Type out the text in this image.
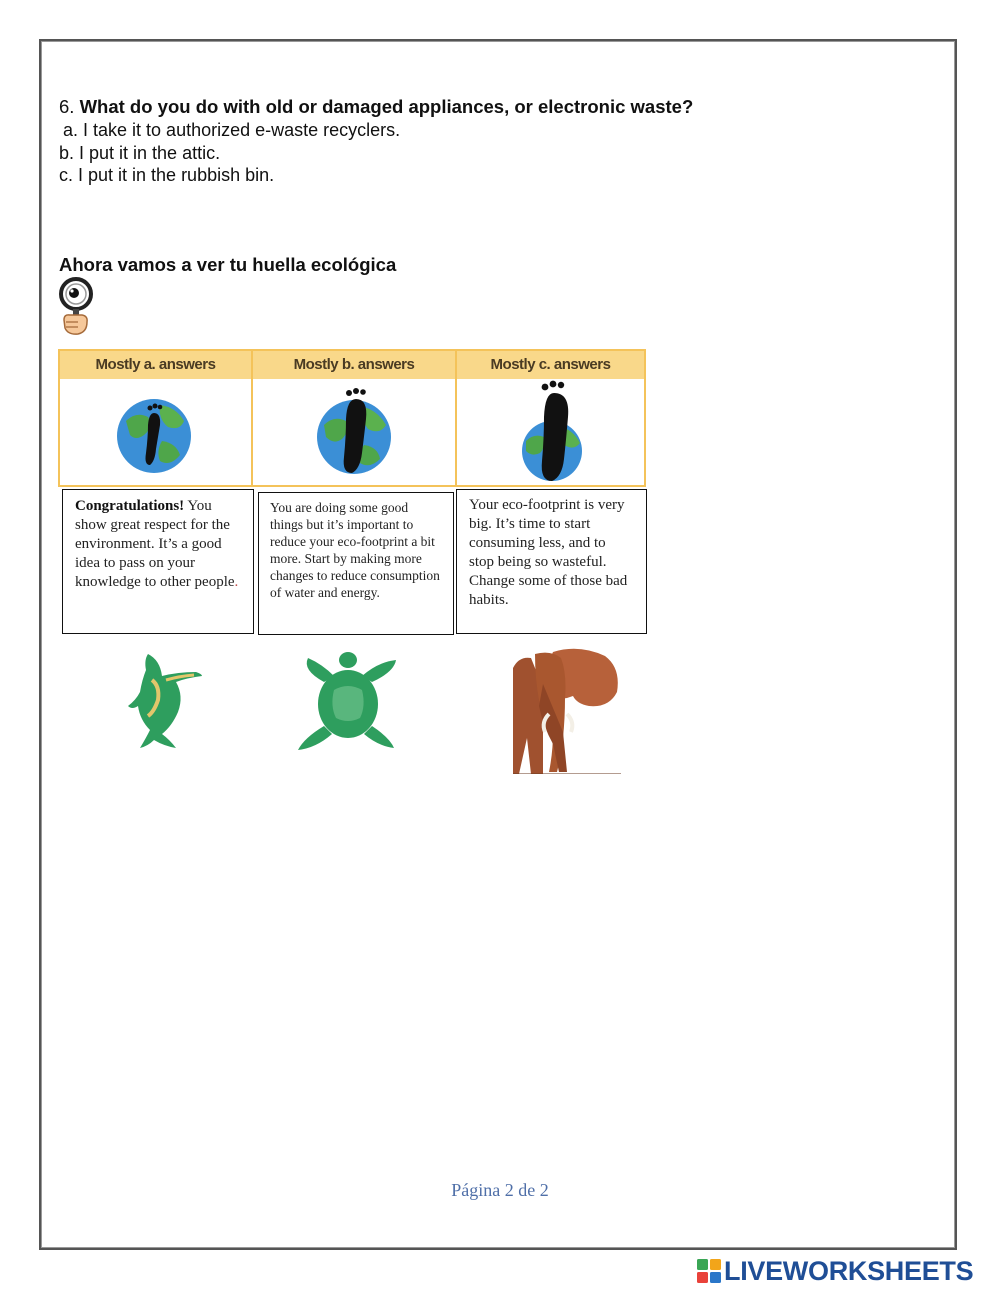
6. What do you do with old or damaged appliances, or electronic waste?
a. I take it to authorized e-waste recyclers.
b. I put it in the attic.
c. I put it in the rubbish bin.
Ahora vamos a ver tu huella ecológica
Mostly a. answers	Mostly b. answers	Mostly c. answers
Congratulations! You show great respect for the environment. It’s a good idea to pass on your knowledge to other people.
You are doing some good things but it’s important to reduce your eco-footprint a bit more. Start by making more changes to reduce consumption of water and energy.
Your eco-footprint is very big. It’s time to start consuming less, and to stop being so wasteful. Change some of those bad habits.
Página 2 de 2
LIVEWORKSHEETS
